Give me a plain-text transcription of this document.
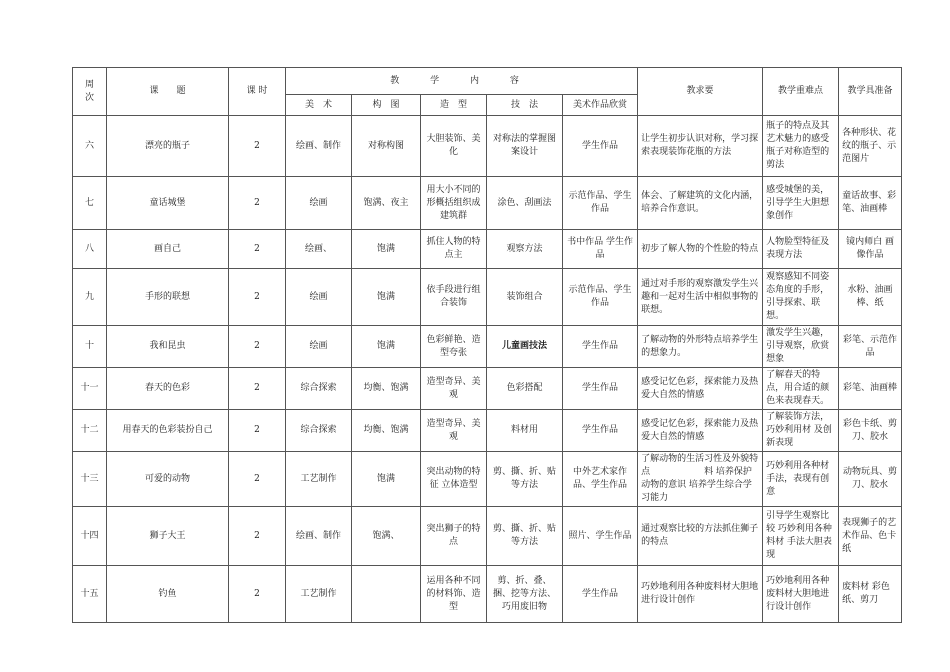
周
次	课　　题	课 时	教 学 内 容					教求要	教学重难点	教学具准备
			美　术	构　图	造　型	技　法	美术作品欣赏			
六	漂亮的瓶子	2	绘画、制作	对称构图	大胆装饰、美化	对称法的掌握图案设计	学生作品	让学生初步认识对称，学习探索表现装饰花瓶的方法	瓶子的特点及其艺术魅力的感受 瓶子对称造型的剪法	各种形状、花纹的瓶子、示范图片
七	童话城堡	2	绘画	饱满、夜主	用大小不同的形概括组织成建筑群	涂色、刮画法	示范作品、学生作品	体会、了解建筑的文化内涵，培养合作意识。	感受城堡的美，引导学生大胆想象创作	童话故事、彩笔、油画棒
八	画自己	2	绘画、	饱满	抓住人物的特点主	观察方法	书中作品 学生作品	初步了解人物的个性脸的特点	人物脸型特征及表现方法	镜内师白 画像作品
九	手形的联想	2	绘画	饱满	依手段进行组合装饰	装饰组合	示范作品、学生作品	通过对手形的观察激发学生兴趣和一起对生活中相似事物的联想。	观察感知不同姿态角度的手形，引导探索、联想。	水粉、油画棒、纸
十	我和昆虫	2	绘画	饱满	色彩鲜艳、造型夸张	儿童画技法	学生作品	了解动物的外形特点培养学生的想象力。	激发学生兴趣，引导观察，欣赏想象	彩笔、示范作品
十一	春天的色彩	2	综合探索	均衡、饱满	造型奇异、美观	色彩搭配	学生作品	感受记忆色彩，探索能力及热爱大自然的情感	了解春天的特点，用合适的颜色来表现春天。	彩笔、油画棒
十二	用春天的色彩装扮自己	2	综合探索	均衡、饱满	造型奇异、美观	料材用	学生作品	感受记忆色彩，探索能力及热爱大自然的情感	了解装饰方法，巧妙利用材 及创新表现	彩色卡纸、剪刀、胶水
十三	可爱的动物	2	工艺制作	饱满	突出动物的特征 立体造型	剪、撕、折、贴等方法	中外艺术家作品、学生作品	了解动物的生活习性及外貌特点　　　　　　料 培养保护动物的意识 培养学生综合学习能力	巧妙利用各种材 手法，表现有创意	动物玩具、剪刀、胶水
十四	狮子大王	2	绘画、制作	饱满、	突出狮子的特点	剪、撕、折、贴等方法	照片、学生作品	通过观察比较的方法抓住狮子的特点	引导学生观察比较 巧妙利用各种料材 手法大胆表现	表现狮子的艺术作品、色卡纸
十五	钓鱼	2	工艺制作		运用各种不同的材料饰、造型	剪、折、叠、捆、挖等方法、巧用废旧物	学生作品	巧妙地利用各种废料材大胆地进行设计创作	巧妙地利用各种废料材大胆地进行设计创作	废料材 彩色纸、剪刀
